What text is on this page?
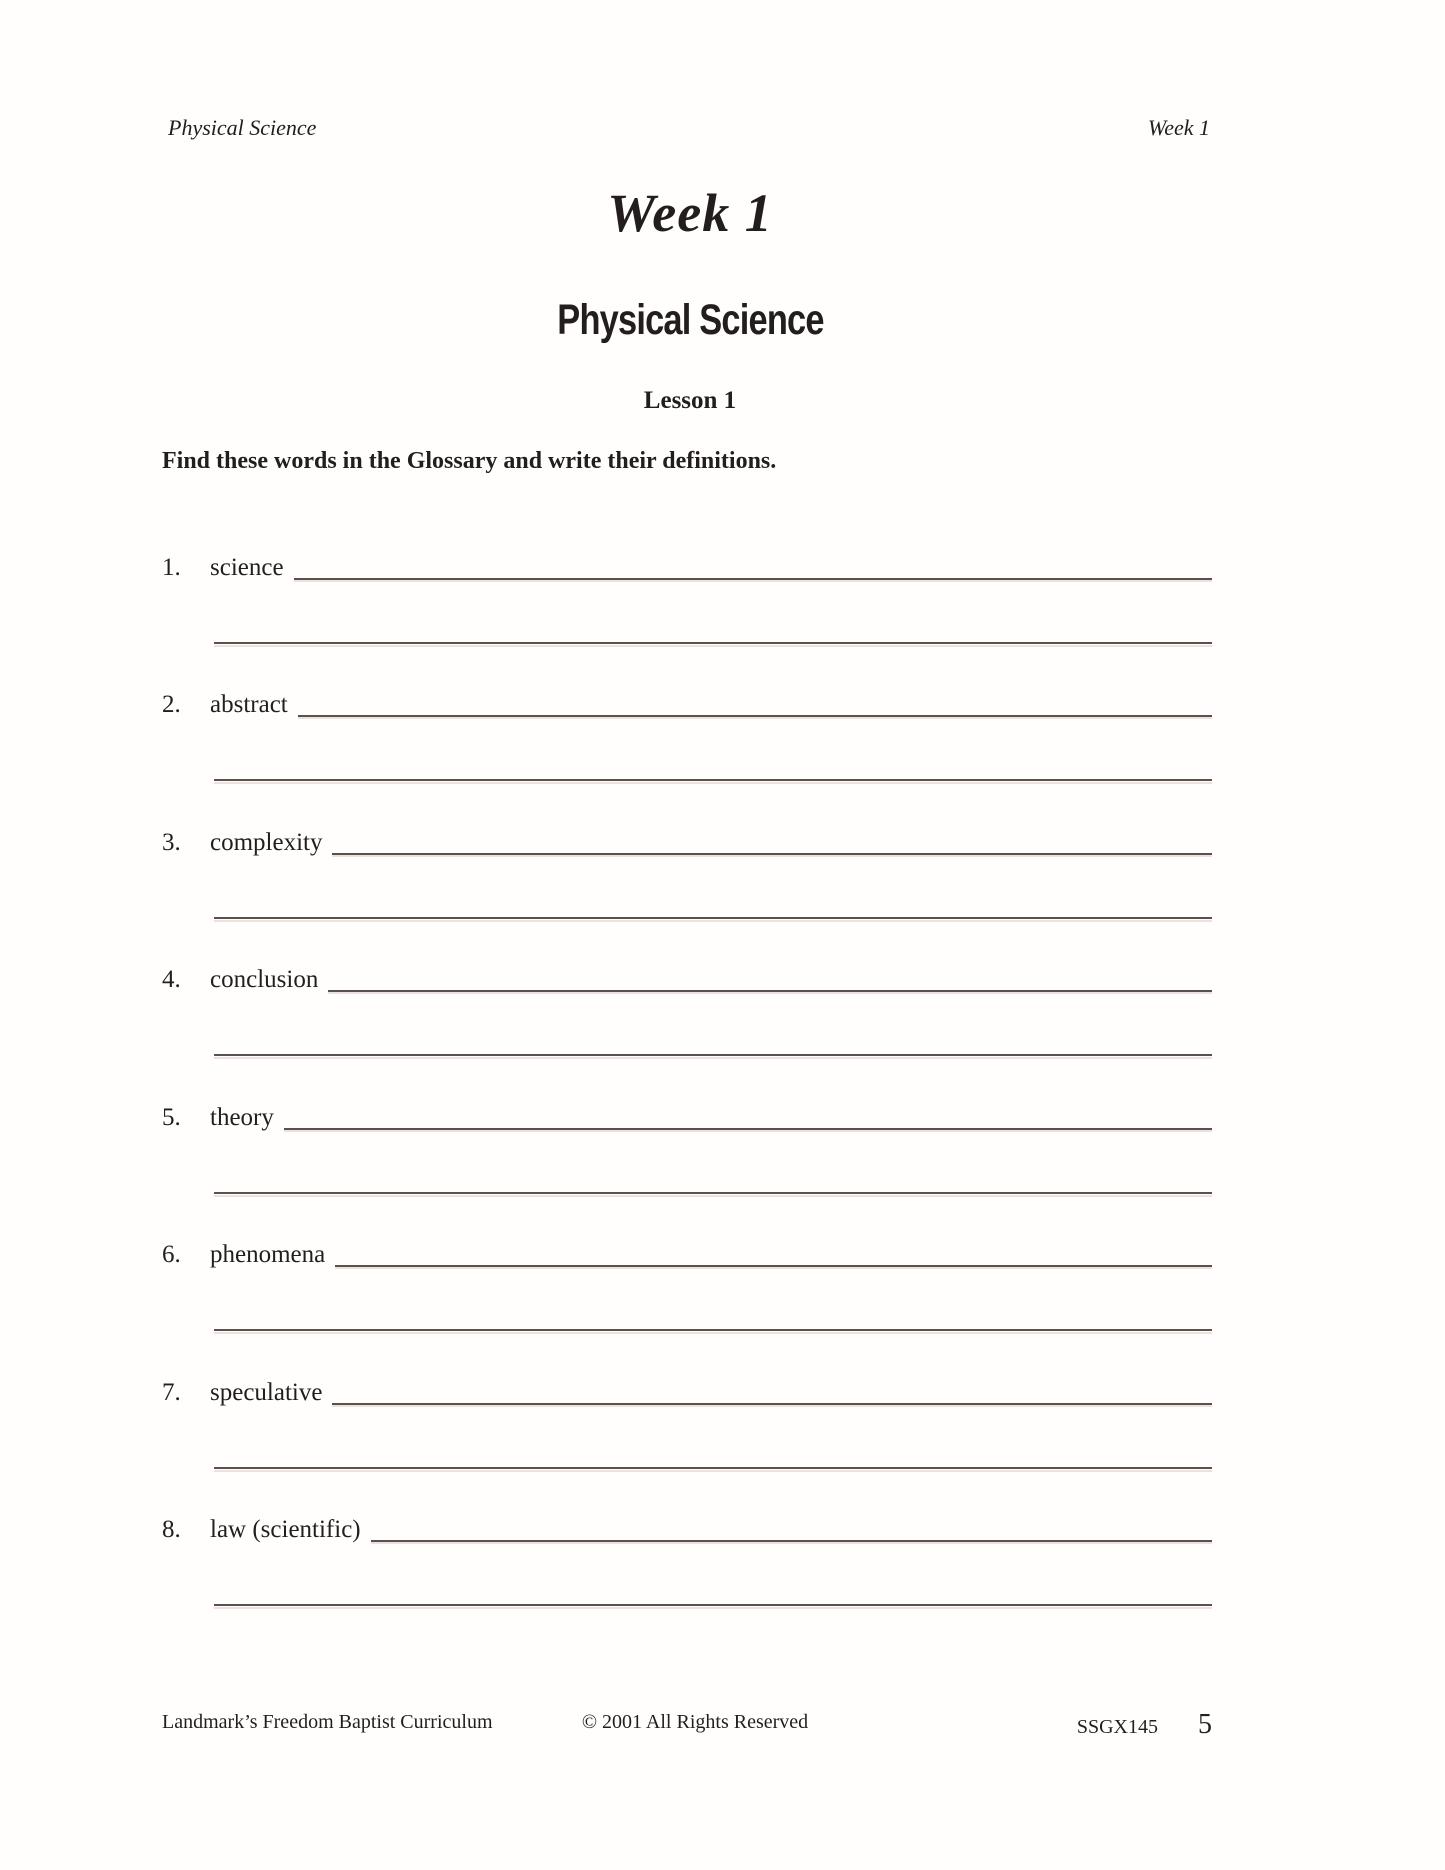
Physical Science	Week 1
Week 1
Physical Science
Lesson 1
Find these words in the Glossary and write their definitions.
1.	science
2.	abstract
3.	complexity
4.	conclusion
5.	theory
6.	phenomena
7.	speculative
8.	law (scientific)
Landmark’s Freedom Baptist Curriculum	© 2001 All Rights Reserved	SSGX145 5
